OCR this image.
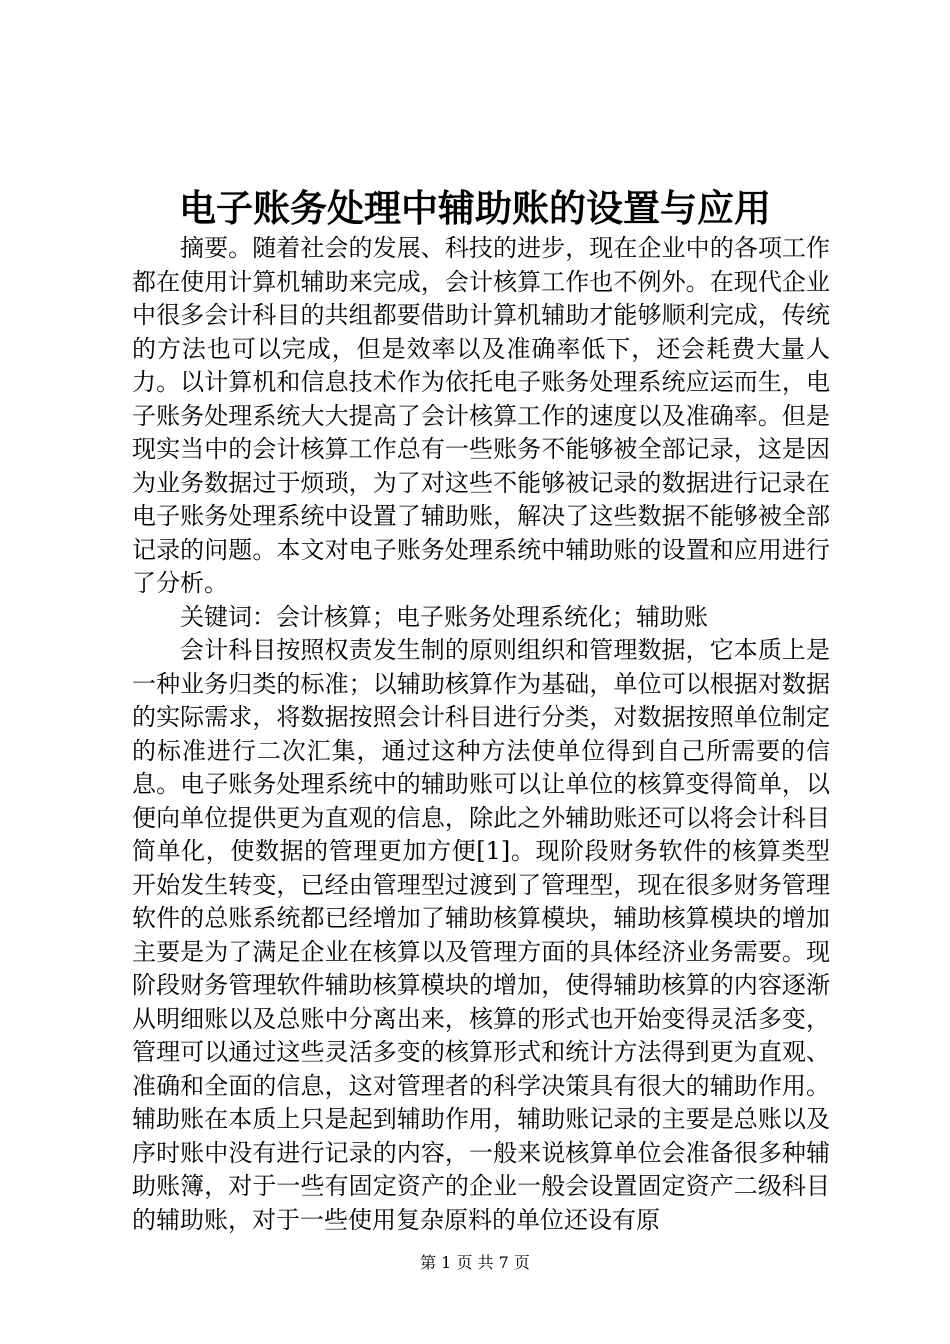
电子账务处理中辅助账的设置与应用

摘要。随着社会的发展、科技的进步，现在企业中的各项工作都在使用计算机辅助来完成，会计核算工作也不例外。在现代企业中很多会计科目的共组都要借助计算机辅助才能够顺利完成，传统的方法也可以完成，但是效率以及准确率低下，还会耗费大量人力。以计算机和信息技术作为依托电子账务处理系统应运而生，电子账务处理系统大大提高了会计核算工作的速度以及准确率。但是现实当中的会计核算工作总有一些账务不能够被全部记录，这是因为业务数据过于烦琐，为了对这些不能够被记录的数据进行记录在电子账务处理系统中设置了辅助账，解决了这些数据不能够被全部记录的问题。本文对电子账务处理系统中辅助账的设置和应用进行了分析。

关键词：会计核算；电子账务处理系统化；辅助账

会计科目按照权责发生制的原则组织和管理数据，它本质上是一种业务归类的标准；以辅助核算作为基础，单位可以根据对数据的实际需求，将数据按照会计科目进行分类，对数据按照单位制定的标准进行二次汇集，通过这种方法使单位得到自己所需要的信息。电子账务处理系统中的辅助账可以让单位的核算变得简单，以便向单位提供更为直观的信息，除此之外辅助账还可以将会计科目简单化，使数据的管理更加方便[1]。现阶段财务软件的核算类型开始发生转变，已经由管理型过渡到了管理型，现在很多财务管理软件的总账系统都已经增加了辅助核算模块，辅助核算模块的增加主要是为了满足企业在核算以及管理方面的具体经济业务需要。现阶段财务管理软件辅助核算模块的增加，使得辅助核算的内容逐渐从明细账以及总账中分离出来，核算的形式也开始变得灵活多变，管理可以通过这些灵活多变的核算形式和统计方法得到更为直观、准确和全面的信息，这对管理者的科学决策具有很大的辅助作用。辅助账在本质上只是起到辅助作用，辅助账记录的主要是总账以及序时账中没有进行记录的内容，一般来说核算单位会准备很多种辅助账簿，对于一些有固定资产的企业一般会设置固定资产二级科目的辅助账，对于一些使用复杂原料的单位还设有原

第 1 页 共 7 页
